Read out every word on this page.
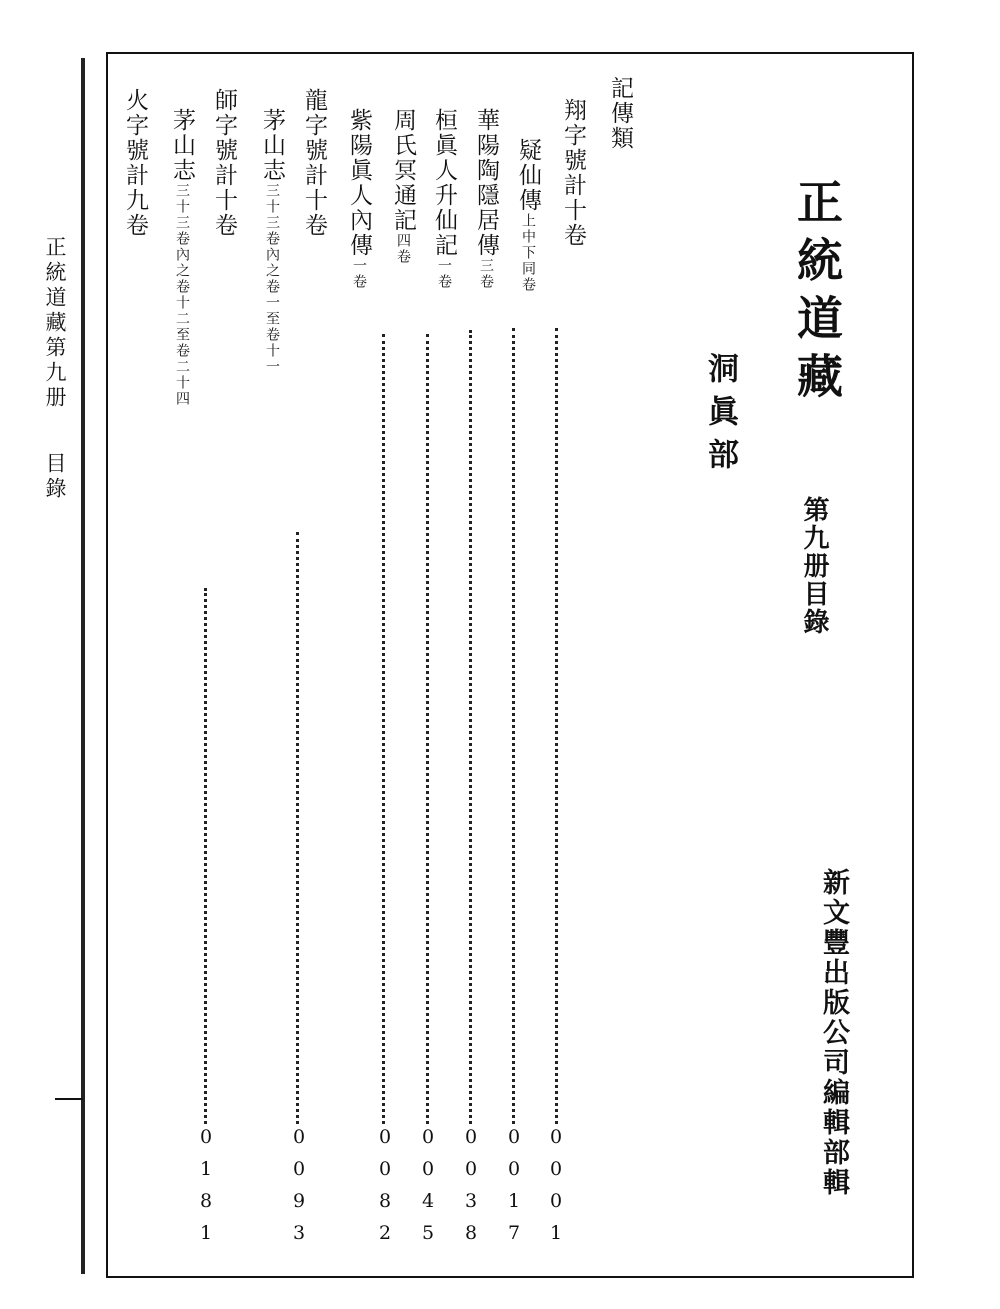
正統道藏
洞眞部
第九册目錄
新文豐出版公司編輯部輯
記傳類
翔字號計十卷
龍字號計十卷
師字號計十卷
火字號計九卷	疑仙傳上中下同卷
0001
華陽陶隱居傳三卷
0017
桓眞人升仙記一卷
0038
周氏冥通記四卷
0045
紫陽眞人內傳一卷
0082
茅山志三十三卷內之卷一至卷十一
0093
茅山志三十三卷內之卷十二至卷二十四
0181
正統道藏第九册
目錄
